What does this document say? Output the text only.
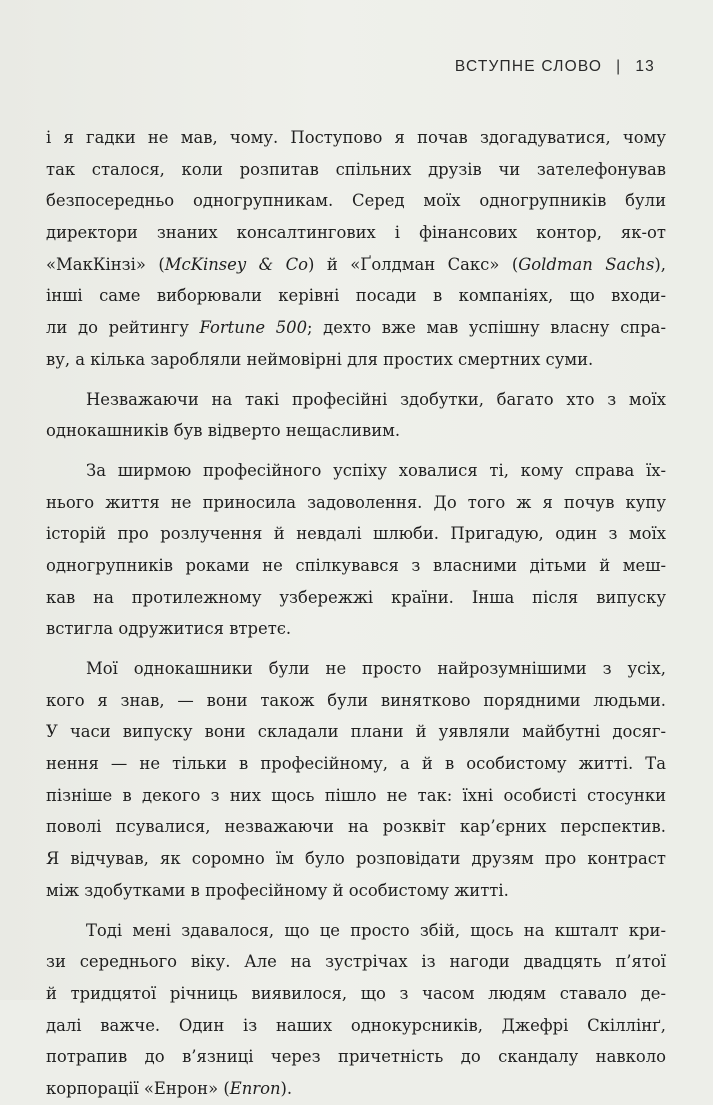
ВСТУПНЕ СЛОВО | 13
і я гадки не мав, чому. Поступово я почав здогадуватися, чому
так сталося, коли розпитав спільних друзів чи зателефонував
безпосередньо одногрупникам. Серед моїх одногрупників були
директори знаних консалтингових і фінансових контор, як-от
«МакКінзі» (McKinsey & Co) й «Ґолдман Сакс» (Goldman Sachs),
інші саме виборювали керівні посади в компаніях, що входи-
ли до рейтингу Fortune 500; дехто вже мав успішну власну спра-
ву, а кілька заробляли неймовірні для простих смертних суми.
Незважаючи на такі професійні здобутки, багато хто з моїх
однокашників був відверто нещасливим.
За ширмою професійного успіху ховалися ті, кому справа їх-
нього життя не приносила задоволення. До того ж я почув купу
історій про розлучення й невдалі шлюби. Пригадую, один з моїх
одногрупників роками не спілкувався з власними дітьми й меш-
кав на протилежному узбережжі країни. Інша після випуску
встигла одружитися втретє.
Мої однокашники були не просто найрозумнішими з усіх,
кого я знав, — вони також були винятково порядними людьми.
У часи випуску вони складали плани й уявляли майбутні досяг-
нення — не тільки в професійному, а й в особистому житті. Та
пізніше в декого з них щось пішло не так: їхні особисті стосунки
поволі псувалися, незважаючи на розквіт кар’єрних перспектив.
Я відчував, як соромно їм було розповідати друзям про контраст
між здобутками в професійному й особистому житті.
Тоді мені здавалося, що це просто збій, щось на кшталт кри-
зи середнього віку. Але на зустрічах із нагоди двадцять п’ятої
й тридцятої річниць виявилося, що з часом людям ставало де-
далі важче. Один із наших однокурсників, Джефрі Скіллінґ,
потрапив до в’язниці через причетність до скандалу навколо
корпорації «Енрон» (Enron).
